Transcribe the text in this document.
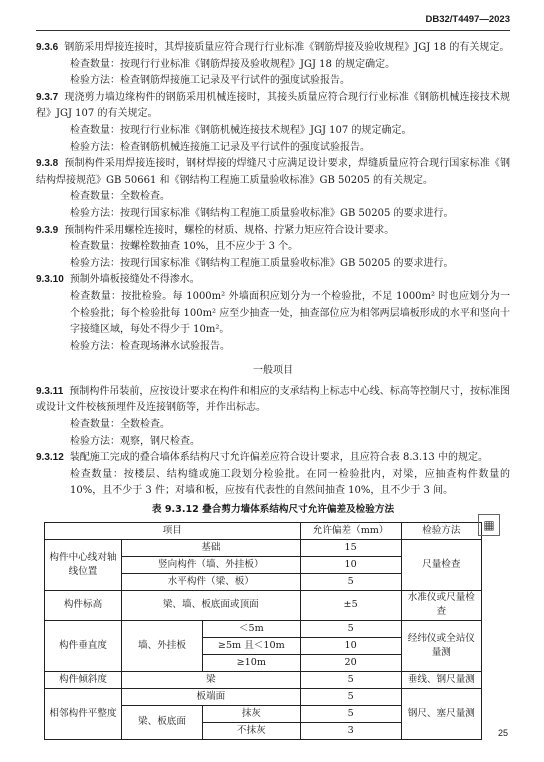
DB32/T4497—2023

9.3.6 钢筋采用焊接连接时，其焊接质量应符合现行行业标准《钢筋焊接及验收规程》JGJ 18 的有关规定。

检查数量：按现行行业标准《钢筋焊接及验收规程》JGJ 18 的规定确定。

检验方法：检查钢筋焊接施工记录及平行试件的强度试验报告。

9.3.7 现浇剪力墙边缘构件的钢筋采用机械连接时，其接头质量应符合现行行业标准《钢筋机械连接技术规程》JGJ 107 的有关规定。

检查数量：按现行行业标准《钢筋机械连接技术规程》JGJ 107 的规定确定。

检验方法：检查钢筋机械连接施工记录及平行试件的强度试验报告。

9.3.8 预制构件采用焊接连接时，钢材焊接的焊缝尺寸应满足设计要求，焊缝质量应符合现行国家标准《钢结构焊接规范》GB 50661 和《钢结构工程施工质量验收标准》GB 50205 的有关规定。

检查数量：全数检查。

检验方法：按现行国家标准《钢结构工程施工质量验收标准》GB 50205 的要求进行。

9.3.9 预制构件采用螺栓连接时，螺栓的材质、规格、拧紧力矩应符合设计要求。

检查数量：按螺栓数抽查 10%，且不应少于 3 个。

检验方法：按现行国家标准《钢结构工程施工质量验收标准》GB 50205 的要求进行。

9.3.10 预制外墙板接缝处不得渗水。

检查数量：按批检验。每 1000m² 外墙面积应划分为一个检验批，不足 1000m² 时也应划分为一个检验批；每个检验批每 100m² 应至少抽查一处，抽查部位应为相邻两层墙板形成的水平和竖向十字接缝区域，每处不得少于 10m²。

检验方法：检查现场淋水试验报告。

一般项目

9.3.11 预制构件吊装前，应按设计要求在构件和相应的支承结构上标志中心线、标高等控制尺寸，按标准图或设计文件校核预埋件及连接钢筋等，并作出标志。

检查数量：全数检查。

检验方法：观察，钢尺检查。

9.3.12 装配施工完成的叠合墙体系结构尺寸允许偏差应符合设计要求，且应符合表 8.3.13 中的规定。

检查数量：按楼层、结构缝或施工段划分检验批。在同一检验批内，对梁，应抽查构件数量的 10%，且不少于 3 件；对墙和板，应按有代表性的自然间抽查 10%，且不少于 3 间。

表 9.3.12 叠合剪力墙体系结构尺寸允许偏差及检验方法
项目			允许偏差（mm）	检验方法
构件中心线对轴线位置	基础		15	尺量检查
	竖向构件（墙、外挂板）		10	
	水平构件（梁、板）		5	
构件标高	梁、墙、板底面或顶面		±5	水准仪或尺量检查
构件垂直度	墙、外挂板	＜5m	5	经纬仪或全站仪量测
		≥5m 且＜10m	10	
		≥10m	20	
构件倾斜度	梁		5	垂线、钢尺量测
相邻构件平整度	板端面		5	钢尺、塞尺量测
	梁、板底面	抹灰	5	
		不抹灰	3	
▦
25
